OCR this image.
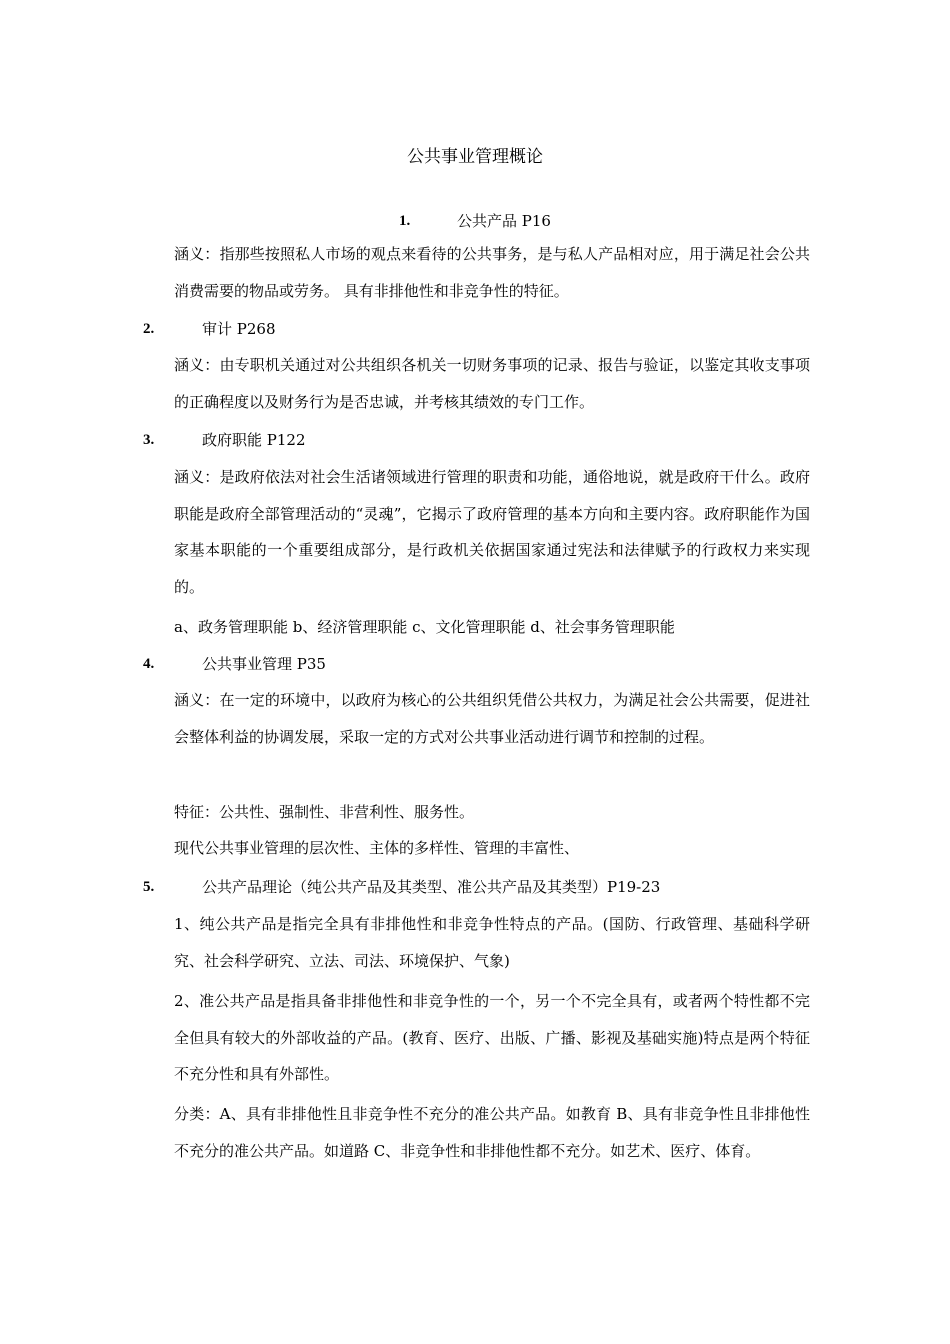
公共事业管理概论
1.	公共产品 P16
涵义：指那些按照私人市场的观点来看待的公共事务，是与私人产品相对应，用于满足社会公共消费需要的物品或劳务。 具有非排他性和非竞争性的特征。
2.	审计 P268
涵义：由专职机关通过对公共组织各机关一切财务事项的记录、报告与验证，以鉴定其收支事项的正确程度以及财务行为是否忠诚，并考核其绩效的专门工作。
3.	政府职能 P122
涵义：是政府依法对社会生活诸领域进行管理的职责和功能，通俗地说，就是政府干什么。政府职能是政府全部管理活动的“灵魂”，它揭示了政府管理的基本方向和主要内容。政府职能作为国家基本职能的一个重要组成部分，是行政机关依据国家通过宪法和法律赋予的行政权力来实现的。
a、政务管理职能 b、经济管理职能 c、文化管理职能 d、社会事务管理职能
4.	公共事业管理 P35
涵义：在一定的环境中，以政府为核心的公共组织凭借公共权力，为满足社会公共需要，促进社会整体利益的协调发展，采取一定的方式对公共事业活动进行调节和控制的过程。
特征：公共性、强制性、非营利性、服务性。
现代公共事业管理的层次性、主体的多样性、管理的丰富性、
5.	公共产品理论（纯公共产品及其类型、准公共产品及其类型）P19-23
1、纯公共产品是指完全具有非排他性和非竞争性特点的产品。(国防、行政管理、基础科学研究、社会科学研究、立法、司法、环境保护、气象)
2、准公共产品是指具备非排他性和非竞争性的一个，另一个不完全具有，或者两个特性都不完全但具有较大的外部收益的产品。(教育、医疗、出版、广播、影视及基础实施)特点是两个特征不充分性和具有外部性。
分类：A、具有非排他性且非竞争性不充分的准公共产品。如教育 B、具有非竞争性且非排他性不充分的准公共产品。如道路 C、非竞争性和非排他性都不充分。如艺术、医疗、体育。
